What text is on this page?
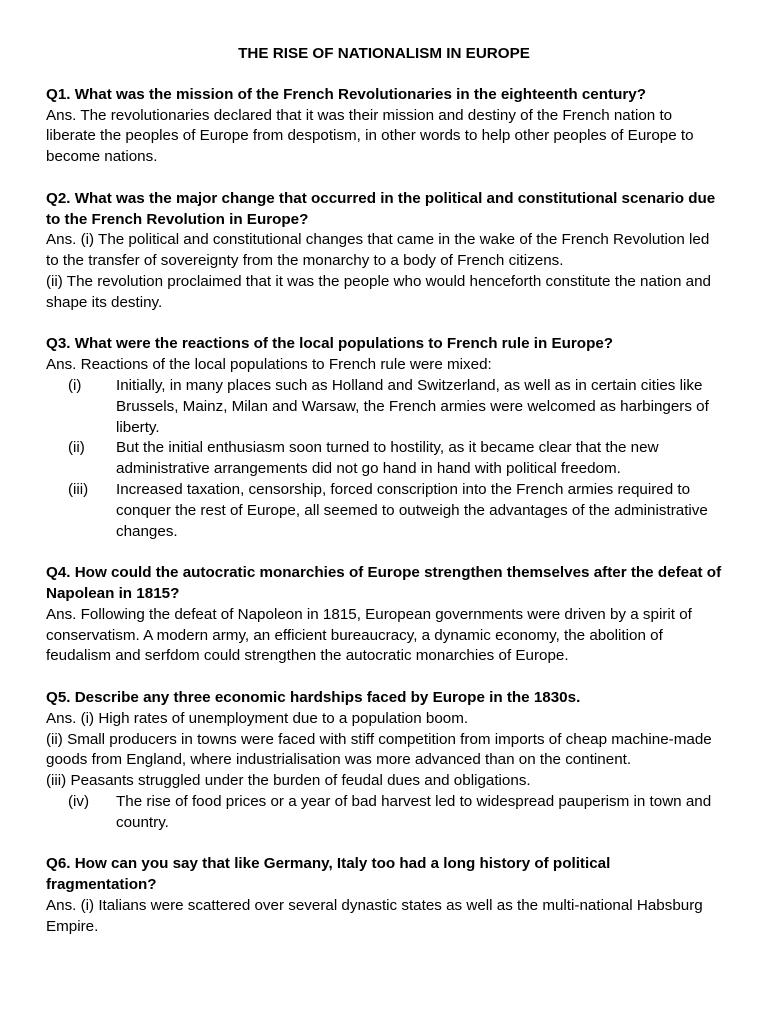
THE RISE OF NATIONALISM IN EUROPE

Q1. What was the mission of the French Revolutionaries in the eighteenth century?

Ans. The revolutionaries declared that it was their mission and destiny of the French nation to liberate the peoples of Europe from despotism, in other words to help other peoples of Europe to become nations.

Q2. What was the major change that occurred in the political and constitutional scenario due to the French Revolution in Europe?

Ans. (i) The political and constitutional changes that came in the wake of the French Revolution led to the transfer of sovereignty from the monarchy to a body of French citizens.

(ii) The revolution proclaimed that it was the people who would henceforth constitute the nation and shape its destiny.

Q3. What were the reactions of the local populations to French rule in Europe?

Ans. Reactions of the local populations to French rule were mixed:

(i)	Initially, in many places such as Holland and Switzerland, as well as in certain cities like Brussels, Mainz, Milan and Warsaw, the French armies were welcomed as harbingers of liberty.
(ii)	But the initial enthusiasm soon turned to hostility, as it became clear that the new administrative arrangements did not go hand in hand with political freedom.
(iii)	Increased taxation, censorship, forced conscription into the French armies required to conquer the rest of Europe, all seemed to outweigh the advantages of the administrative changes.

Q4. How could the autocratic monarchies of Europe strengthen themselves after the defeat of Napolean in 1815?

Ans. Following the defeat of Napoleon in 1815, European governments were driven by a spirit of conservatism. A modern army, an efficient bureaucracy, a dynamic economy, the abolition of feudalism and serfdom could strengthen the autocratic monarchies of Europe.

Q5. Describe any three economic hardships faced by Europe in the 1830s.

Ans. (i) High rates of unemployment due to a population boom.

(ii) Small producers in towns were faced with stiff competition from imports of cheap machine-made goods from England, where industrialisation was more advanced than on the continent.

(iii) Peasants struggled under the burden of feudal dues and obligations.

(iv)	The rise of food prices or a year of bad harvest led to widespread pauperism in town and country.

Q6. How can you say that like Germany, Italy too had a long history of political fragmentation?

Ans. (i) Italians were scattered over several dynastic states as well as the multi-national Habsburg Empire.
